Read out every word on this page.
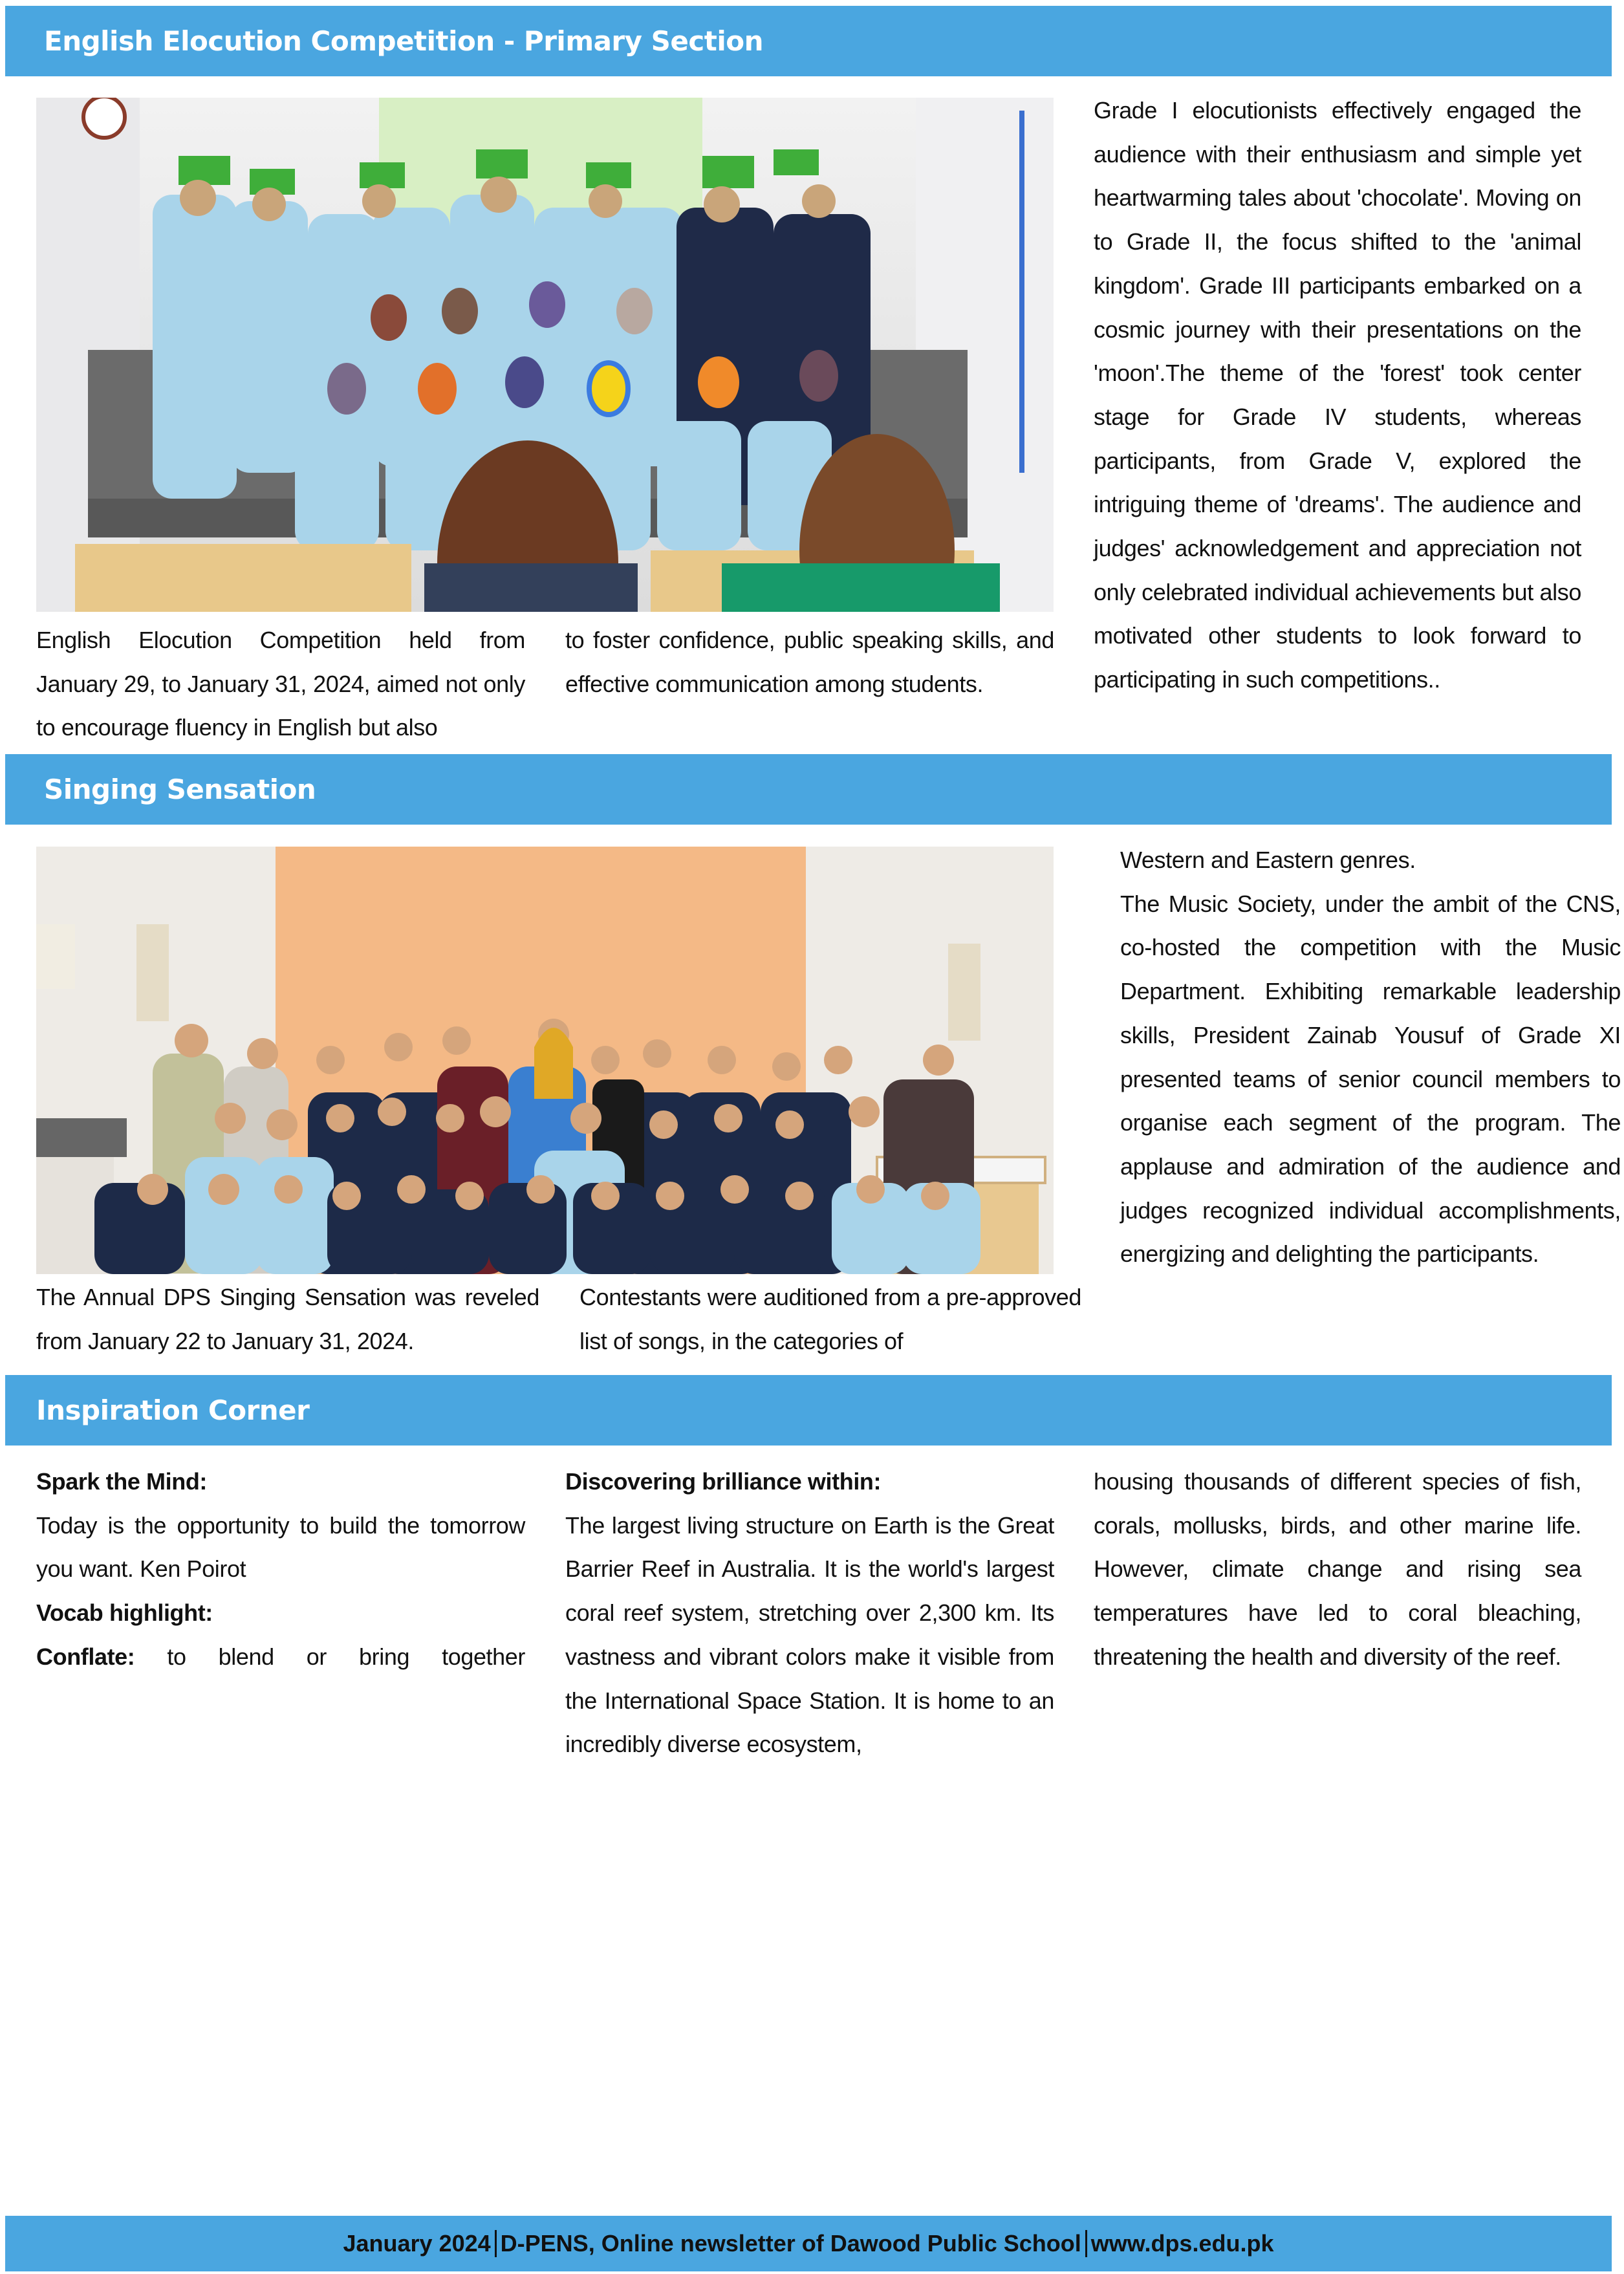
English Elocution Competition - Primary Section
English Elocution Competition held from January 29, to January 31, 2024, aimed not only to encourage fluency in English but also
to foster confidence, public speaking skills, and effective communication among students.
Grade I elocutionists effectively engaged the audience with their enthusiasm and simple yet heartwarming tales about 'chocolate'. Moving on to Grade II, the focus shifted to the 'animal kingdom'. Grade III participants embarked on a cosmic journey with their presentations on the 'moon'.The theme of the 'forest' took center stage for Grade IV students, whereas participants, from Grade V, explored the intriguing theme of 'dreams'. The audience and judges' acknowledgement and appreciation not only celebrated individual achievements but also motivated other students to look forward to participating in such competitions..
Singing Sensation
The Annual DPS Singing Sensation was reveled from January 22 to January 31, 2024.
Contestants were auditioned from a pre-approved list of songs, in the categories of

Western and Eastern genres.

The Music Society, under the ambit of the CNS, co-hosted the competition with the Music Department. Exhibiting remarkable leadership skills, President Zainab Yousuf of Grade XI presented teams of senior council members to organise each segment of the program. The applause and admiration of the audience and judges recognized individual accomplishments, energizing and delighting the participants.

Inspiration Corner

Spark the Mind:

Today is the opportunity to build the tomorrow you want. Ken Poirot

Vocab highlight:

Conflate: to blend or bring together

Discovering brilliance within:

The largest living structure on Earth is the Great Barrier Reef in Australia. It is the world's largest coral reef system, stretching over 2,300 km. Its vastness and vibrant colors make it visible from the International Space Station. It is home to an incredibly diverse ecosystem,

housing thousands of different species of fish, corals, mollusks, birds, and other marine life. However, climate change and rising sea temperatures have led to coral bleaching, threatening the health and diversity of the reef.

January 2024 D-PENS, Online newsletter of Dawood Public School www.dps.edu.pk
